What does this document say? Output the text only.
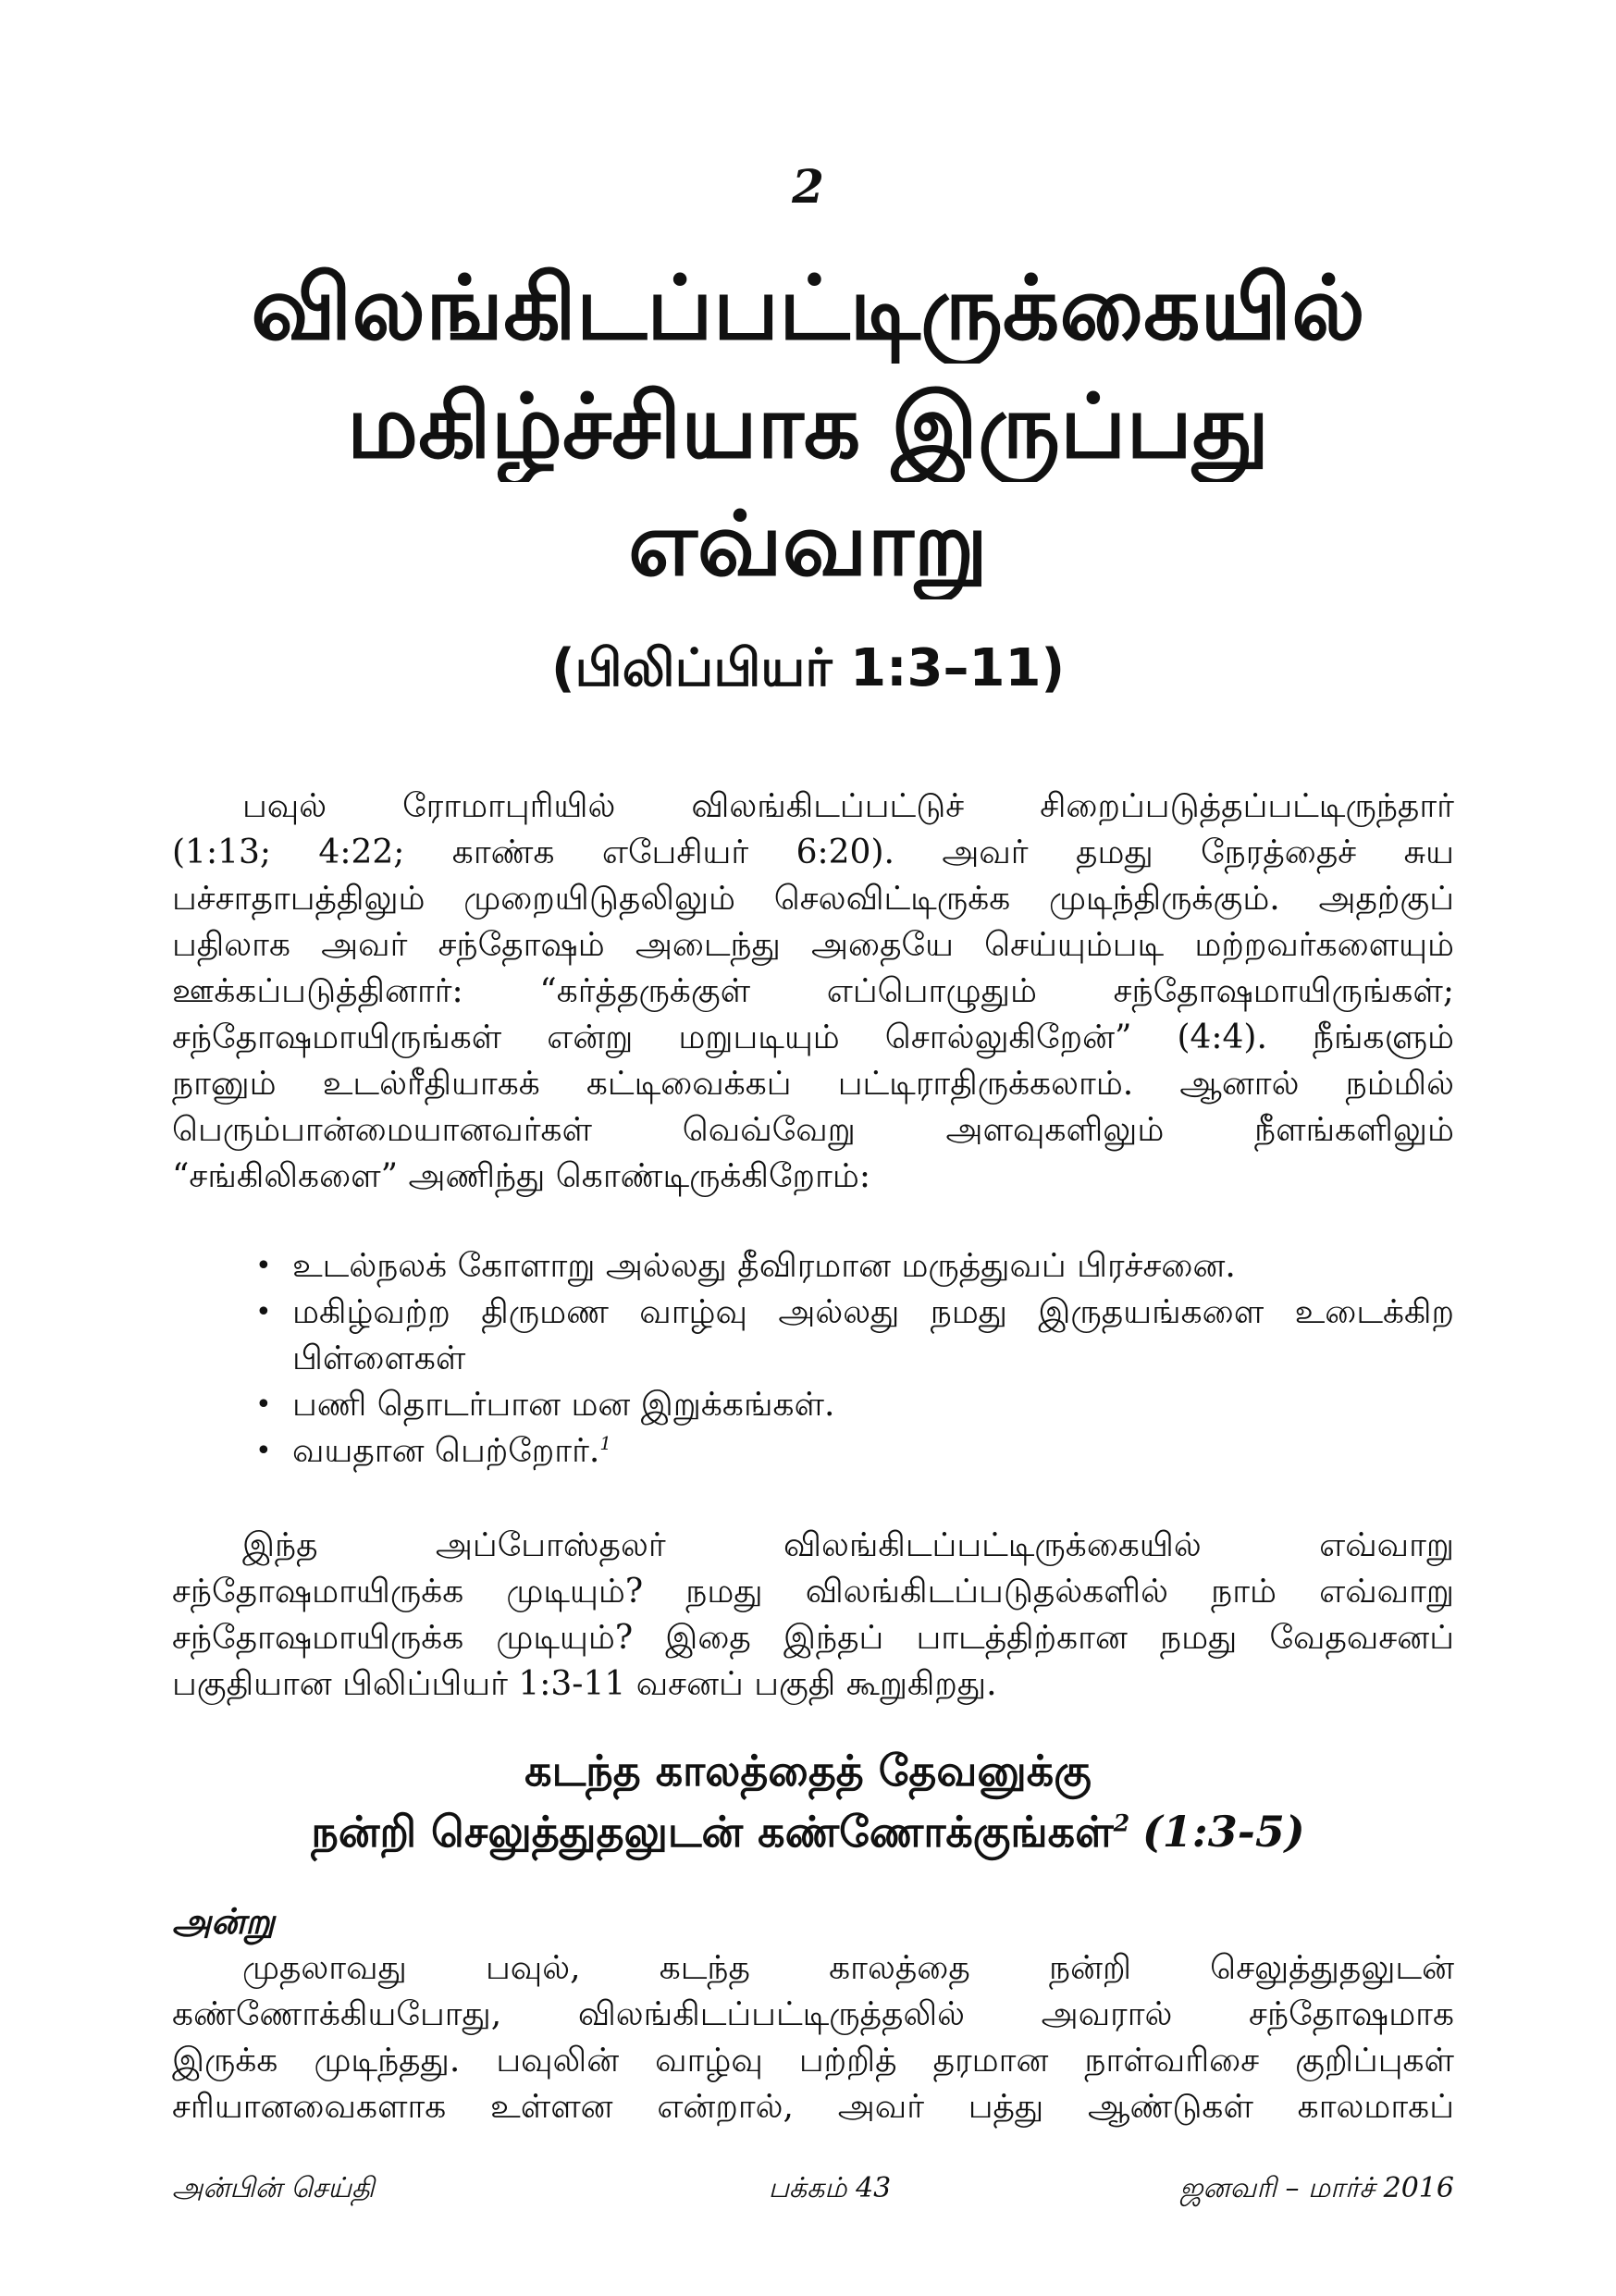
2
விலங்கிடப்பட்டிருக்கையில்
மகிழ்ச்சியாக இருப்பது
எவ்வாறு
(பிலிப்பியர் 1:3–11)
பவுல் ரோமாபுரியில் விலங்கிடப்பட்டுச் சிறைப்படுத்தப்பட்டிருந்தார்
(1:13; 4:22; காண்க எபேசியர் 6:20). அவர் தமது நேரத்தைச் சுய
பச்சாதாபத்திலும் முறையிடுதலிலும் செலவிட்டிருக்க முடிந்திருக்கும். அதற்குப்
பதிலாக அவர் சந்தோஷம் அடைந்து அதையே செய்யும்படி மற்றவர்களையும்
ஊக்கப்படுத்தினார்: “கர்த்தருக்குள் எப்பொழுதும் சந்தோஷமாயிருங்கள்;
சந்தோஷமாயிருங்கள் என்று மறுபடியும் சொல்லுகிறேன்” (4:4). நீங்களும்
நானும் உடல்ரீதியாகக் கட்டிவைக்கப் பட்டிராதிருக்கலாம். ஆனால் நம்மில்
பெரும்பான்மையானவர்கள் வெவ்வேறு அளவுகளிலும் நீளங்களிலும்
“சங்கிலிகளை” அணிந்து கொண்டிருக்கிறோம்:
• உடல்நலக் கோளாறு அல்லது தீவிரமான மருத்துவப் பிரச்சனை.
• மகிழ்வற்ற திருமண வாழ்வு அல்லது நமது இருதயங்களை உடைக்கிற
பிள்ளைகள்
• பணி தொடர்பான மன இறுக்கங்கள்.
• வயதான பெற்றோர்.$^1$
இந்த அப்போஸ்தலர் விலங்கிடப்பட்டிருக்கையில் எவ்வாறு
சந்தோஷமாயிருக்க முடியும்? நமது விலங்கிடப்படுதல்களில் நாம் எவ்வாறு
சந்தோஷமாயிருக்க முடியும்? இதை இந்தப் பாடத்திற்கான நமது வேதவசனப்
பகுதியான பிலிப்பியர் 1:3-11 வசனப் பகுதி கூறுகிறது.
கடந்த காலத்தைத் தேவனுக்கு
நன்றி செலுத்துதலுடன் கண்ணோக்குங்கள்$^2$ (1:3-5)
அன்று
முதலாவது பவுல், கடந்த காலத்தை நன்றி செலுத்துதலுடன்
கண்ணோக்கியபோது, விலங்கிடப்பட்டிருத்தலில் அவரால் சந்தோஷமாக
இருக்க முடிந்தது. பவுலின் வாழ்வு பற்றித் தரமான நாள்வரிசை குறிப்புகள்
சரியானவைகளாக உள்ளன என்றால், அவர் பத்து ஆண்டுகள் காலமாகப்
அன்பின் செய்தி	பக்கம் 43	ஜனவரி – மார்ச் 2016
